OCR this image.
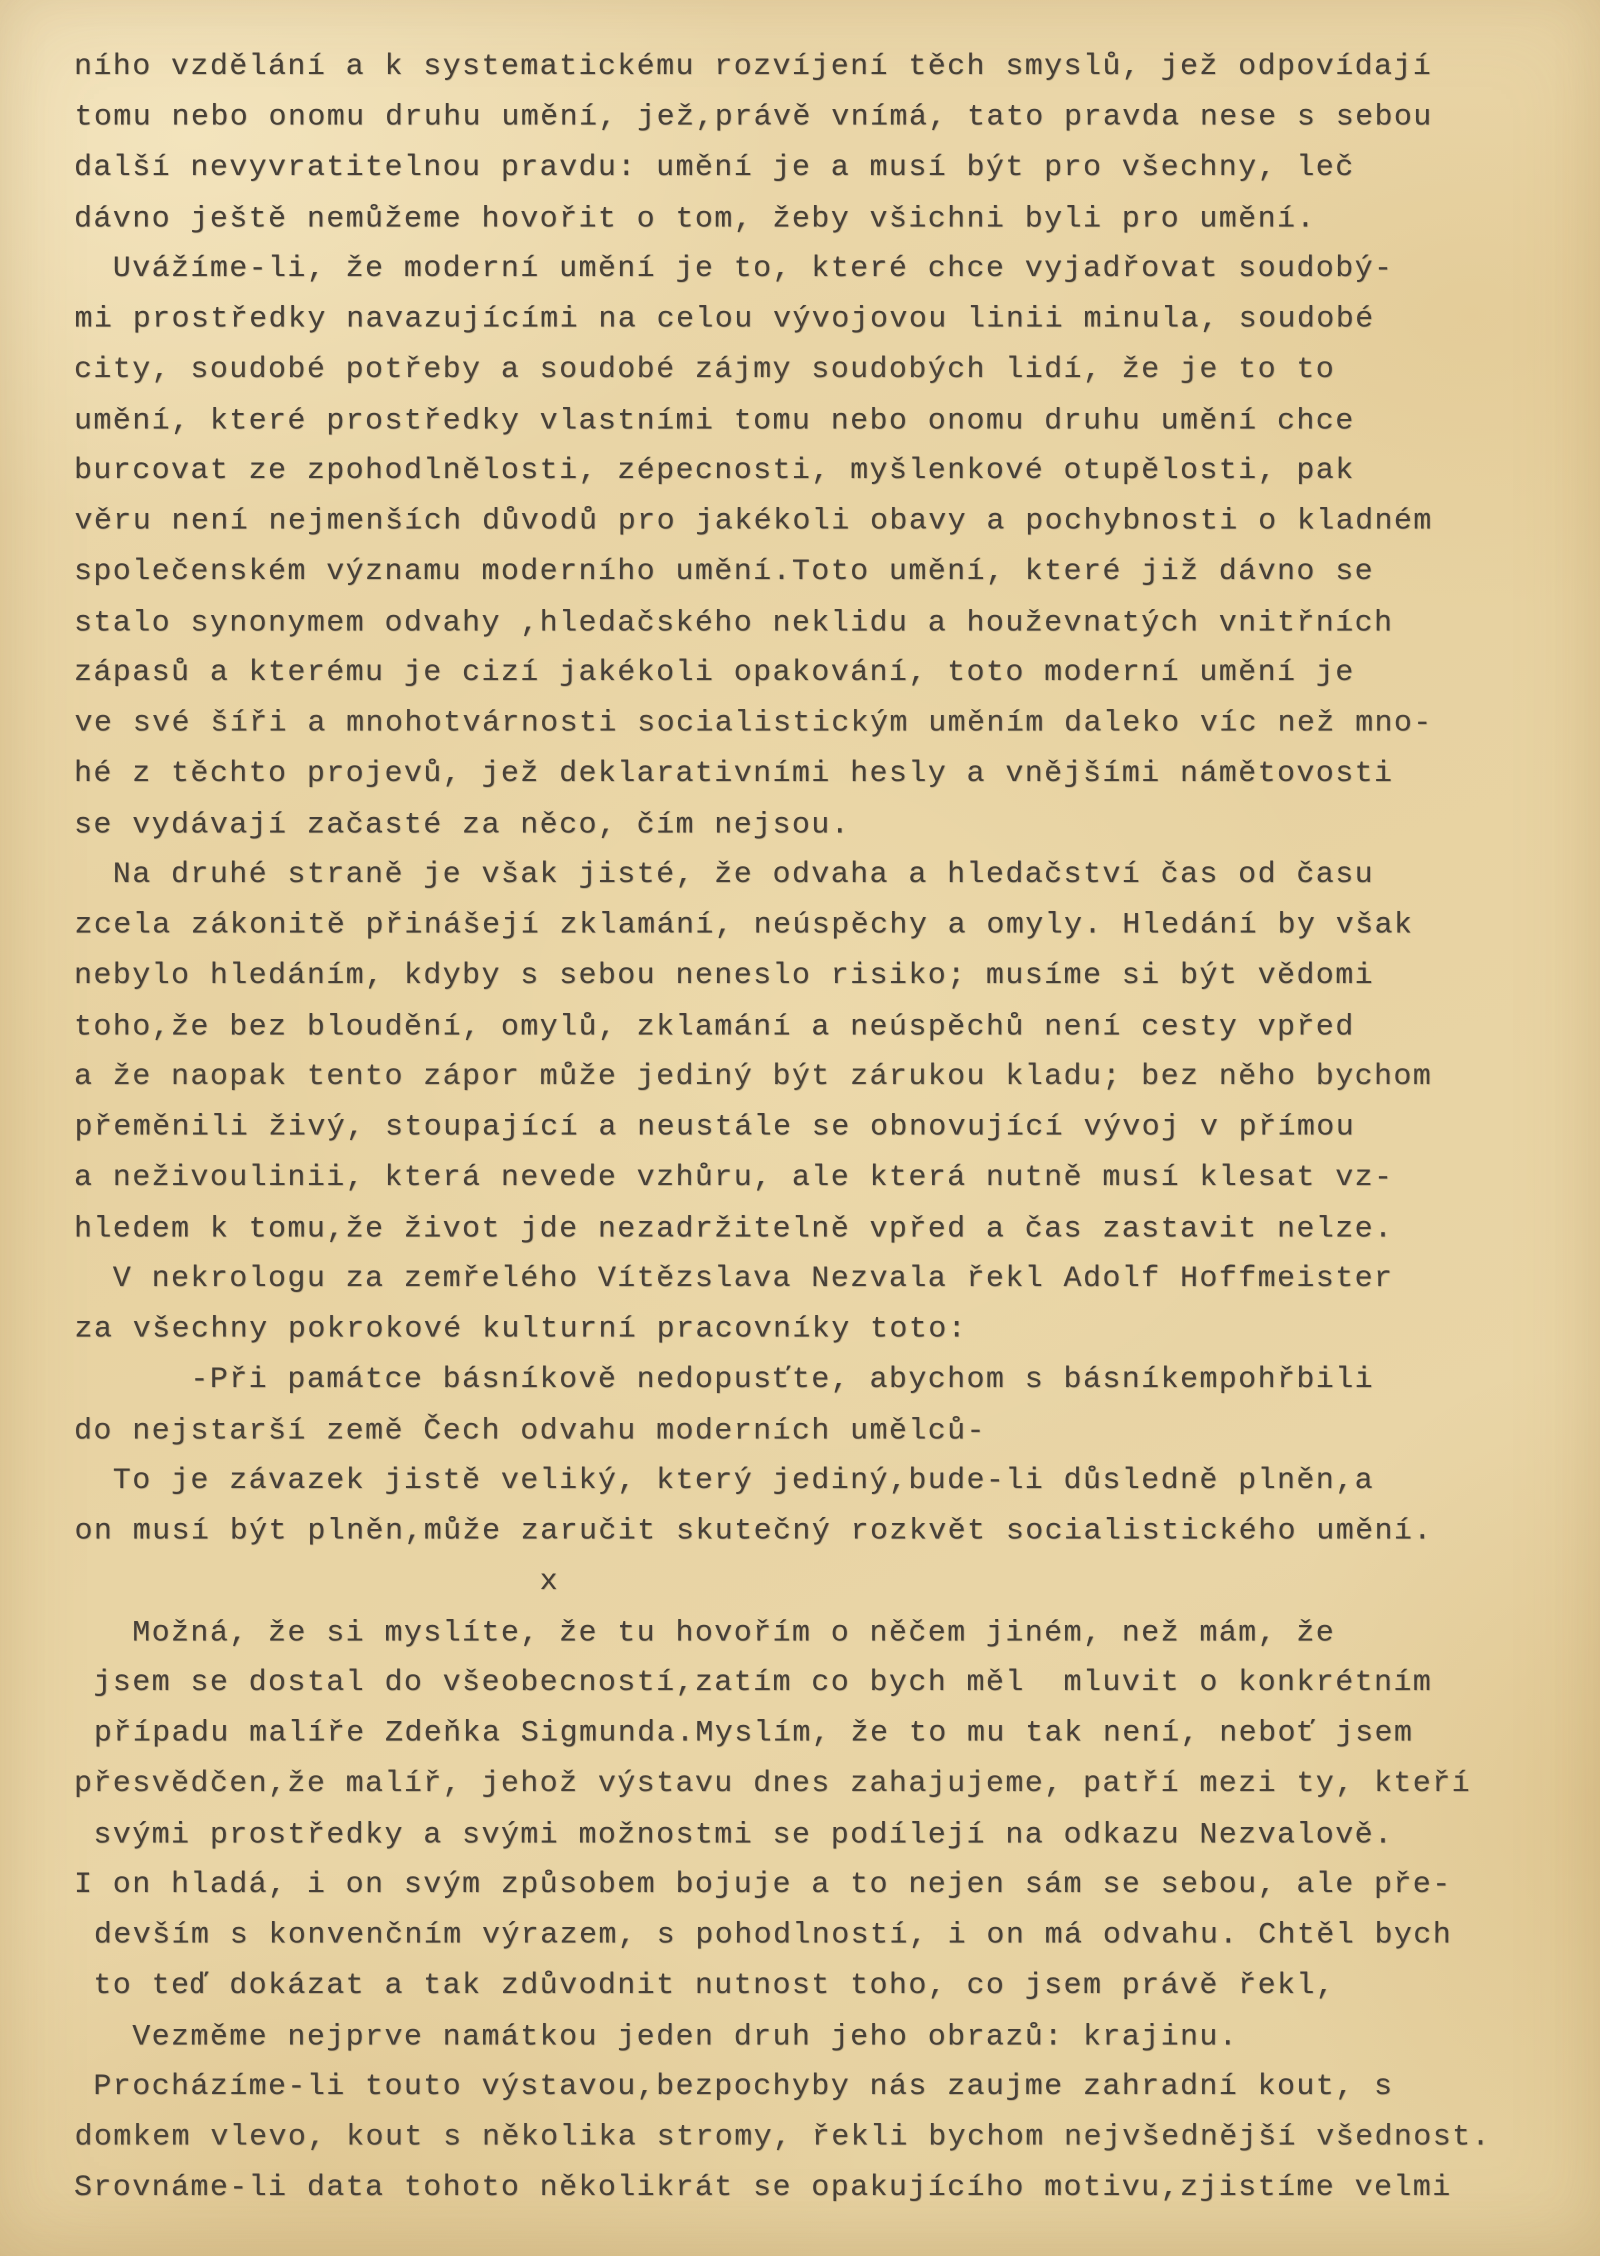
ního vzdělání a k systematickému rozvíjení těch smyslů, jež odpovídají
tomu nebo onomu druhu umění, jež,právě vnímá, tato pravda nese s sebou
další nevyvratitelnou pravdu: umění je a musí být pro všechny, leč
dávno ještě nemůžeme hovořit o tom, žeby všichni byli pro umění.
Uvážíme-li, že moderní umění je to, které chce vyjadřovat soudobý-
mi prostředky navazujícími na celou vývojovou linii minula, soudobé
city, soudobé potřeby a soudobé zájmy soudobých lidí, že je to to
umění, které prostředky vlastními tomu nebo onomu druhu umění chce
burcovat ze zpohodlnělosti, zépecnosti, myšlenkové otupělosti, pak
věru není nejmenších důvodů pro jakékoli obavy a pochybnosti o kladném
společenském významu moderního umění.Toto umění, které již dávno se
stalo synonymem odvahy ,hledačského neklidu a houževnatých vnitřních
zápasů a kterému je cizí jakékoli opakování, toto moderní umění je
ve své šíři a mnohotvárnosti socialistickým uměním daleko víc než mno-
hé z těchto projevů, jež deklarativními hesly a vnějšími námětovosti
se vydávají začasté za něco, čím nejsou.
Na druhé straně je však jisté, že odvaha a hledačství čas od času
zcela zákonitě přinášejí zklamání, neúspěchy a omyly. Hledání by však
nebylo hledáním, kdyby s sebou neneslo risiko; musíme si být vědomi
toho,že bez bloudění, omylů, zklamání a neúspěchů není cesty vpřed
a že naopak tento zápor může jediný být zárukou kladu; bez něho bychom
přeměnili živý, stoupající a neustále se obnovující vývoj v přímou
a neživoulinii, která nevede vzhůru, ale která nutně musí klesat vz-
hledem k tomu,že život jde nezadržitelně vpřed a čas zastavit nelze.
V nekrologu za zemřelého Vítězslava Nezvala řekl Adolf Hoffmeister
za všechny pokrokové kulturní pracovníky toto:
-Při památce básníkově nedopusťte, abychom s básníkempohřbili
do nejstarší země Čech odvahu moderních umělců-
To je závazek jistě veliký, který jediný,bude-li důsledně plněn,a
on musí být plněn,může zaručit skutečný rozkvět socialistického umění.
x
Možná, že si myslíte, že tu hovořím o něčem jiném, než mám, že
jsem se dostal do všeobecností,zatím co bych měl  mluvit o konkrétním
případu malíře Zdeňka Sigmunda.Myslím, že to mu tak není, neboť jsem
přesvědčen,že malíř, jehož výstavu dnes zahajujeme, patří mezi ty, kteří
svými prostředky a svými možnostmi se podílejí na odkazu Nezvalově.
I on hladá, i on svým způsobem bojuje a to nejen sám se sebou, ale pře-
devším s konvenčním výrazem, s pohodlností, i on má odvahu. Chtěl bych
to teď dokázat a tak zdůvodnit nutnost toho, co jsem právě řekl,
Vezměme nejprve namátkou jeden druh jeho obrazů: krajinu.
Procházíme-li touto výstavou,bezpochyby nás zaujme zahradní kout, s
domkem vlevo, kout s několika stromy, řekli bychom nejvšednější všednost.
Srovnáme-li data tohoto několikrát se opakujícího motivu,zjistíme velmi
